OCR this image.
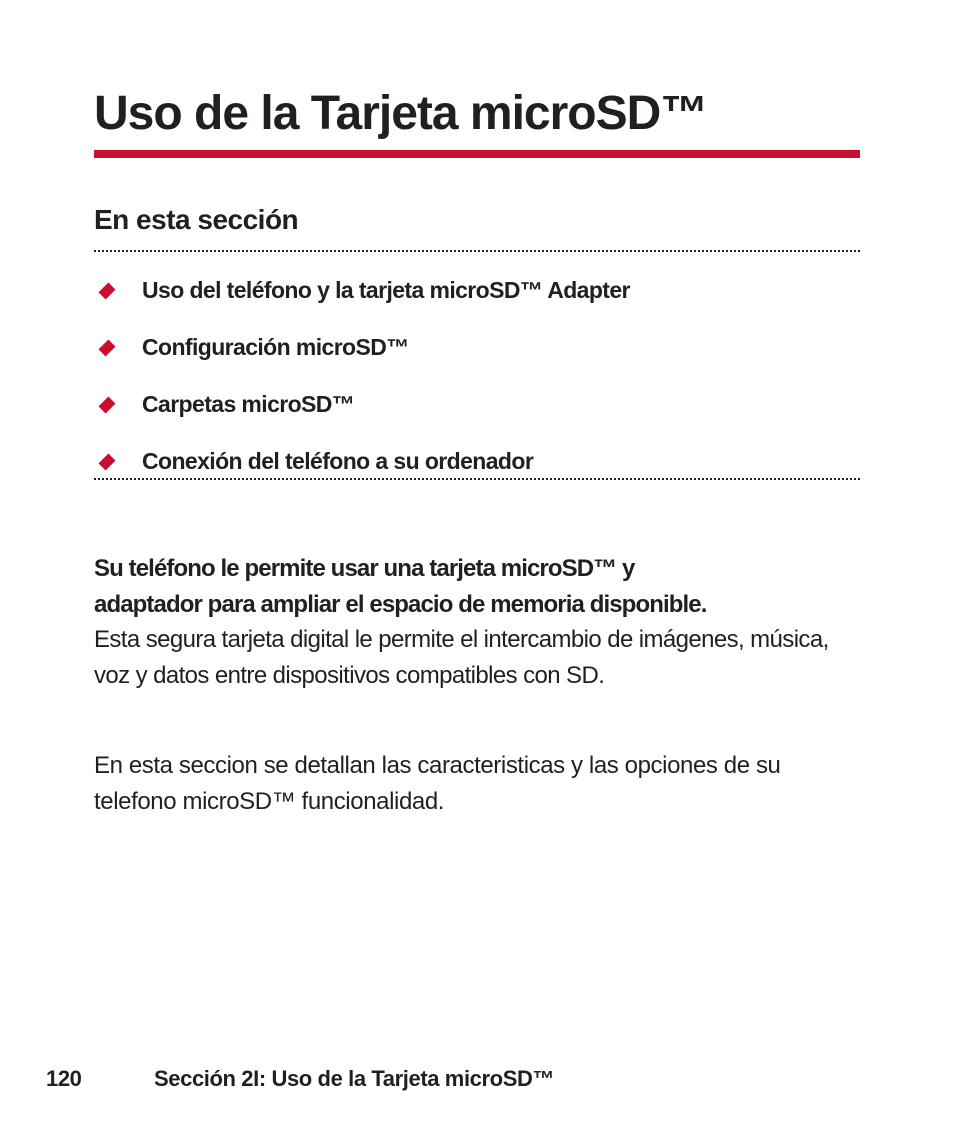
Uso de la Tarjeta microSD™
En esta sección
Uso del teléfono y la tarjeta microSD™ Adapter
Configuración microSD™
Carpetas microSD™
Conexión del teléfono a su ordenador

Su teléfono le permite usar una tarjeta microSD™ y
adaptador para ampliar el espacio de memoria disponible.
Esta segura tarjeta digital le permite el intercambio de imágenes, música, voz y datos entre dispositivos compatibles con SD.

En esta seccion se detallan las caracteristicas y las opciones de su telefono microSD™ funcionalidad.

120	Sección 2I: Uso de la Tarjeta microSD™
